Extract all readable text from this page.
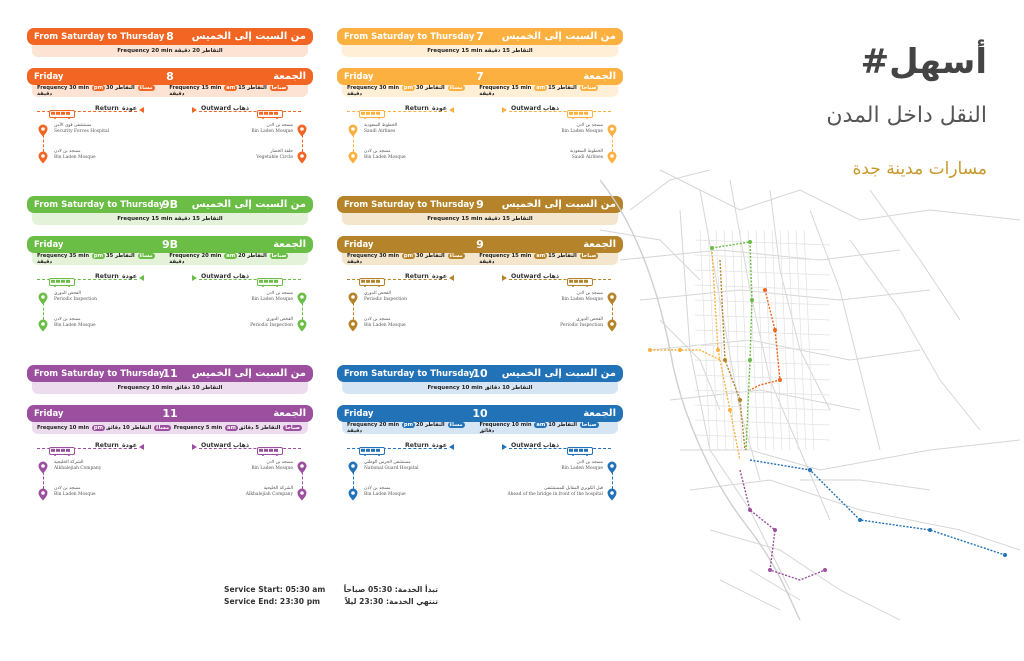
From Saturday to Thursday 8 من السبت إلى الخميس
Frequency 20 min التقاطر 20 دقيقة
Friday	8	الجمعة
Frequency 30 min pm	مساءً التقاطر 30 دقيقة
Frequency 15 min am	صباحاً التقاطر 15 دقيقة
Return عودة	Outward ذهاب
مستشفى قوى الأمن
Security Forces Hospital
مسجد بن لادن
Bin Laden Mosque
مسجد بن لادن
Bin Laden Mosque
حلقة الخضار
Vegetable Circle
From Saturday to Thursday 7 من السبت إلى الخميس
Frequency 15 min التقاطر 15 دقيقة
Friday	7	الجمعة
Frequency 30 min pm	مساءً التقاطر 30 دقيقة
Frequency 15 min am	صباحاً التقاطر 15 دقيقة
Return عودة	Outward ذهاب
الخطوط السعودية
Saudi Airlines
مسجد بن لادن
Bin Laden Mosque
مسجد بن لادن
Bin Laden Mosque
الخطوط السعودية
Saudi Airlines
From Saturday to Thursday
9B من السبت إلى الخميس
Frequency 15 min التقاطر 15 دقيقة
Friday	9B	الجمعة
Frequency 35 min pm	مساءً التقاطر 35 دقيقة
Frequency 20 min am	صباحاً التقاطر 20 دقيقة
Return عودة	Outward ذهاب
الفحص الدوري
Periodic Inspection
مسجد بن لادن
Bin Laden Mosque
مسجد بن لادن
Bin Laden Mosque
الفحص الدوري
Periodic Inspection
From Saturday to Thursday 9 من السبت إلى الخميس
Frequency 15 min التقاطر 15 دقيقة
Friday	9	الجمعة
Frequency 30 min pm	مساءً التقاطر 30 دقيقة
Frequency 15 min am	صباحاً التقاطر 15 دقيقة
Return عودة	Outward ذهاب
الفحص الدوري
Periodic Inspection
مسجد بن لادن
Bin Laden Mosque
مسجد بن لادن
Bin Laden Mosque
الفحص الدوري
Periodic Inspection
From Saturday to Thursday
11 من السبت إلى الخميس
Frequency 10 min التقاطر 10 دقائق
Friday	11	الجمعة
Frequency 10 min pm	مساءً التقاطر 10 دقائق	Frequency 5 min am	صباحاً التقاطر 5 دقائق
Return عودة	Outward ذهاب
الشركة الخليجية
Alkhalejiah Company
مسجد بن لادن
Bin Laden Mosque
مسجد بن لادن
Bin Laden Mosque
الشركة الخليجية
Alkhalejiah Company
From Saturday to Thursday
10 من السبت إلى الخميس
Frequency 10 min التقاطر 10 دقائق
Friday	10	الجمعة
Frequency 20 min pm	مساءً التقاطر 20 دقيقة
Frequency 10 min am	صباحاً التقاطر 10 دقائق
Return عودة	Outward ذهاب
مستشفى الحرس الوطني
National Guard Hospital
مسجد بن لادن
Bin Laden Mosque
مسجد بن لادن
Bin Laden Mosque
قبل الكوبري المقابل للمستشفى
Ahead of the bridge in front of the hospital
#أسهل
النقل داخل المدن
مسارات مدينة جدة
Service Start: 05:30 am
Service End: 23:30 pm
تبدأ الخدمة: 05:30 صباحاً
تنتهي الخدمة: 23:30 ليلاً
